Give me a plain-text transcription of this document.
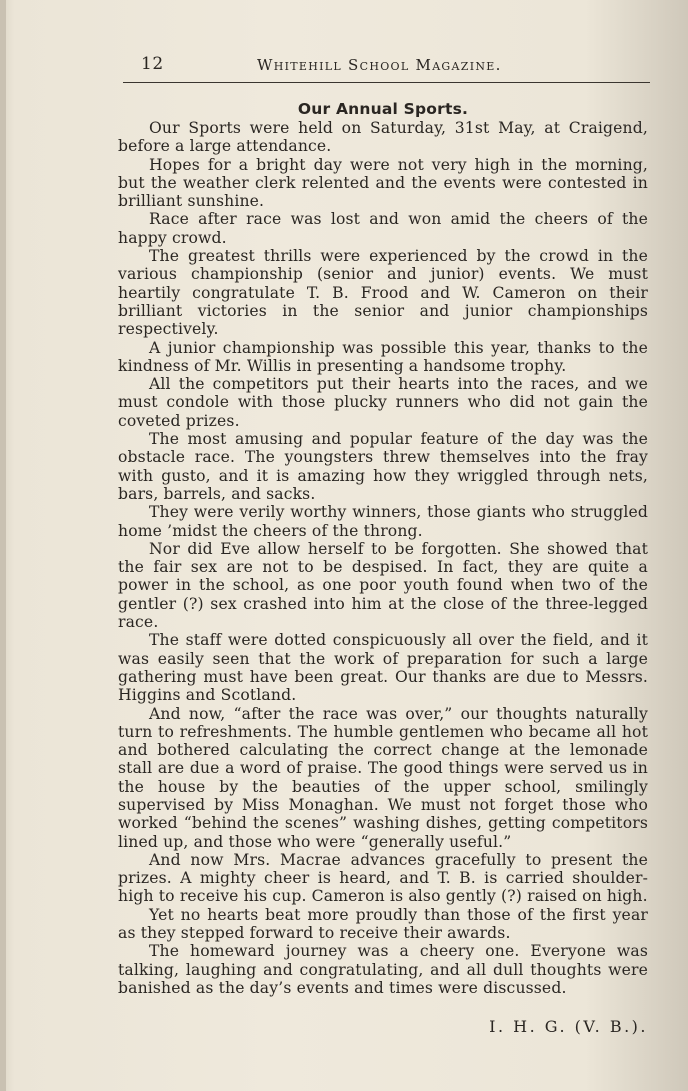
12	Whitehill School Magazine.
Our Annual Sports.

Our Sports were held on Saturday, 31st May, at Craigend, before a large attendance.

Hopes for a bright day were not very high in the morning, but the weather clerk relented and the events were contested in brilliant sunshine.

Race after race was lost and won amid the cheers of the happy crowd.

The greatest thrills were experienced by the crowd in the various championship (senior and junior) events. We must heartily congratulate T. B. Frood and W. Cameron on their brilliant victories in the senior and junior championships respectively.

A junior championship was possible this year, thanks to the kindness of Mr. Willis in presenting a handsome trophy.

All the competitors put their hearts into the races, and we must condole with those plucky runners who did not gain the coveted prizes.

The most amusing and popular feature of the day was the obstacle race. The youngsters threw themselves into the fray with gusto, and it is amazing how they wriggled through nets, bars, barrels, and sacks.

They were verily worthy winners, those giants who struggled home ’midst the cheers of the throng.

Nor did Eve allow herself to be forgotten. She showed that the fair sex are not to be despised. In fact, they are quite a power in the school, as one poor youth found when two of the gentler (?) sex crashed into him at the close of the three-legged race.

The staff were dotted conspicuously all over the field, and it was easily seen that the work of preparation for such a large gathering must have been great. Our thanks are due to Messrs. Higgins and Scotland.

And now, “after the race was over,” our thoughts naturally turn to refreshments. The humble gentlemen who became all hot and bothered calculating the correct change at the lemonade stall are due a word of praise. The good things were served us in the house by the beauties of the upper school, smilingly supervised by Miss Monaghan. We must not forget those who worked “behind the scenes” washing dishes, getting competitors lined up, and those who were “generally useful.”

And now Mrs. Macrae advances gracefully to present the prizes. A mighty cheer is heard, and T. B. is carried shoulder-high to receive his cup. Cameron is also gently (?) raised on high.

Yet no hearts beat more proudly than those of the first year as they stepped forward to receive their awards.

The homeward journey was a cheery one. Everyone was talking, laughing and congratulating, and all dull thoughts were banished as the day’s events and times were discussed.

I. H. G. (V. B.).
